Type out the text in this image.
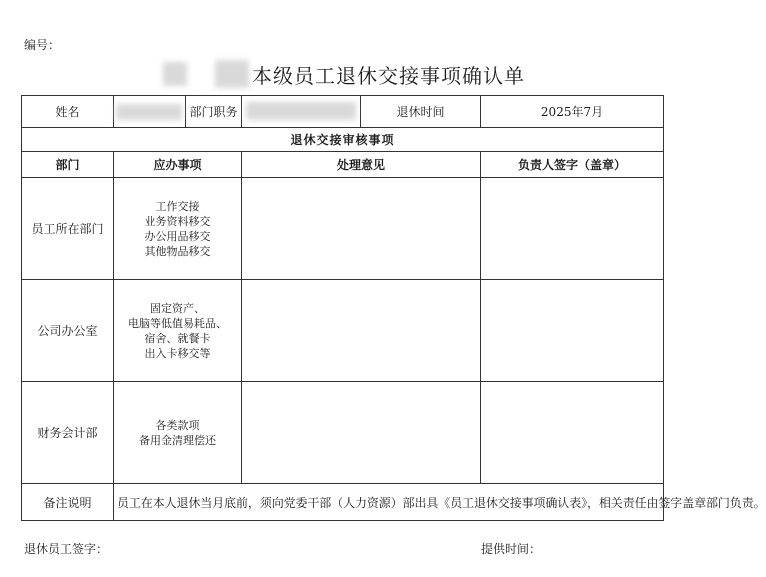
编号：
本级员工退休交接事项确认单
姓名		部门职务		退休时间	2025年7月
退休交接审核事项					
部门	应办事项		处理意见		负责人签字（盖章）
员工所在部门	工作交接
业务资料移交
办公用品移交
其他物品移交				

公司办公室	固定资产、
电脑等低值易耗品、
宿舍、就餐卡
出入卡移交等				

财务会计部	各类款项
备用金清理偿还				

备注说明	员工在本人退休当月底前，须向党委干部（人力资源）部出具《员工退休交接事项确认表》，相关责任由签字盖章部门负责。				
退休员工签字：	提供时间：
